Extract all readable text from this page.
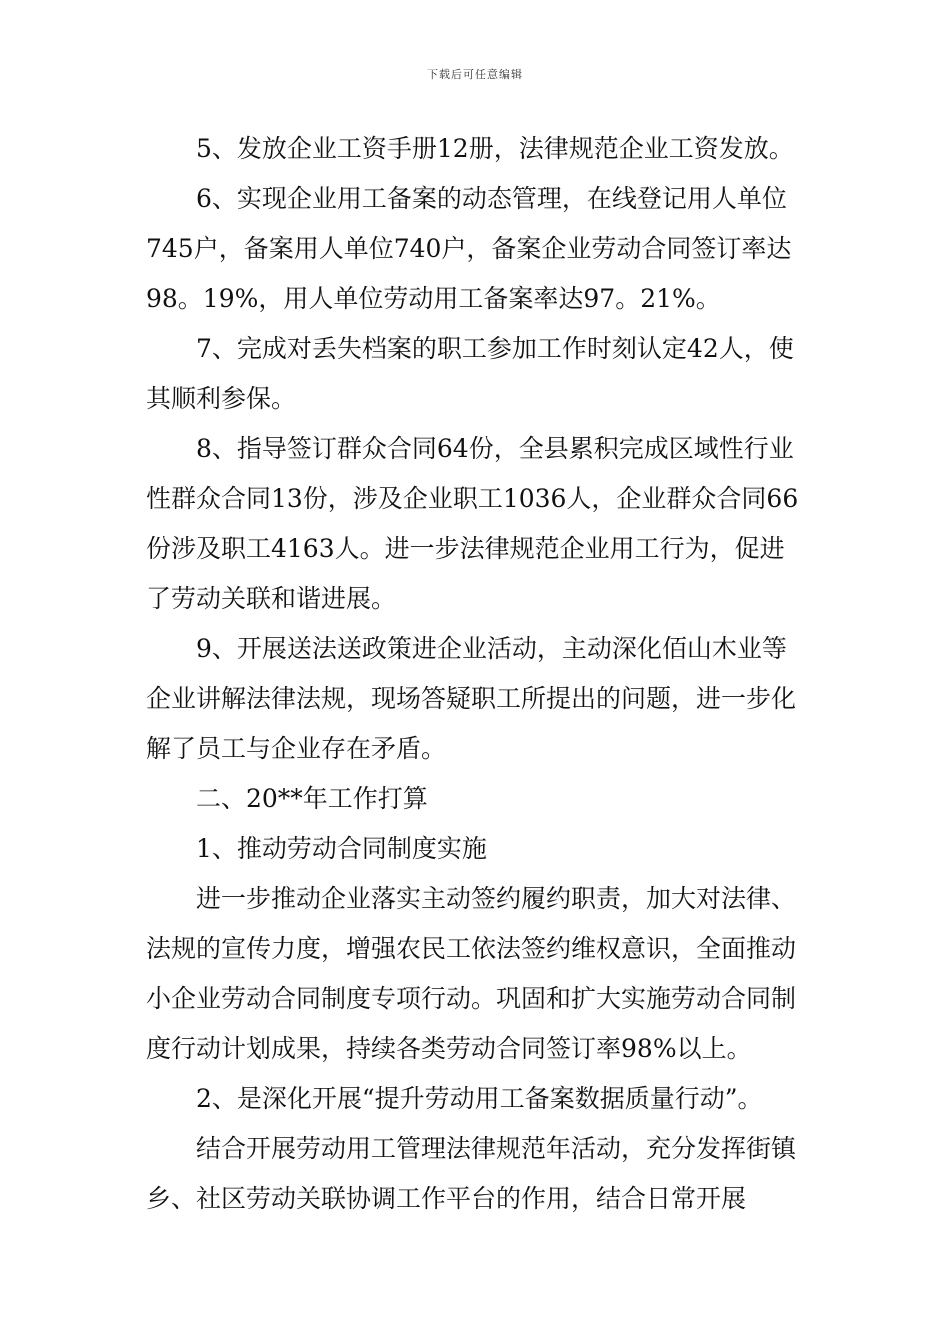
下载后可任意编辑

5、发放企业工资手册12册，法律规范企业工资发放。

6、实现企业用工备案的动态管理，在线登记用人单位745户，备案用人单位740户，备案企业劳动合同签订率达98。19%，用人单位劳动用工备案率达97。21%。

7、完成对丢失档案的职工参加工作时刻认定42人，使其顺利参保。

8、指导签订群众合同64份，全县累积完成区域性行业性群众合同13份，涉及企业职工1036人，企业群众合同66份涉及职工4163人。进一步法律规范企业用工行为，促进了劳动关联和谐进展。

9、开展送法送政策进企业活动，主动深化佰山木业等企业讲解法律法规，现场答疑职工所提出的问题，进一步化解了员工与企业存在矛盾。

二、20**年工作打算

1、推动劳动合同制度实施

进一步推动企业落实主动签约履约职责，加大对法律、法规的宣传力度，增强农民工依法签约维权意识，全面推动小企业劳动合同制度专项行动。巩固和扩大实施劳动合同制度行动计划成果，持续各类劳动合同签订率98%以上。

2、是深化开展“提升劳动用工备案数据质量行动”。

结合开展劳动用工管理法律规范年活动，充分发挥街镇乡、社区劳动关联协调工作平台的作用，结合日常开展
